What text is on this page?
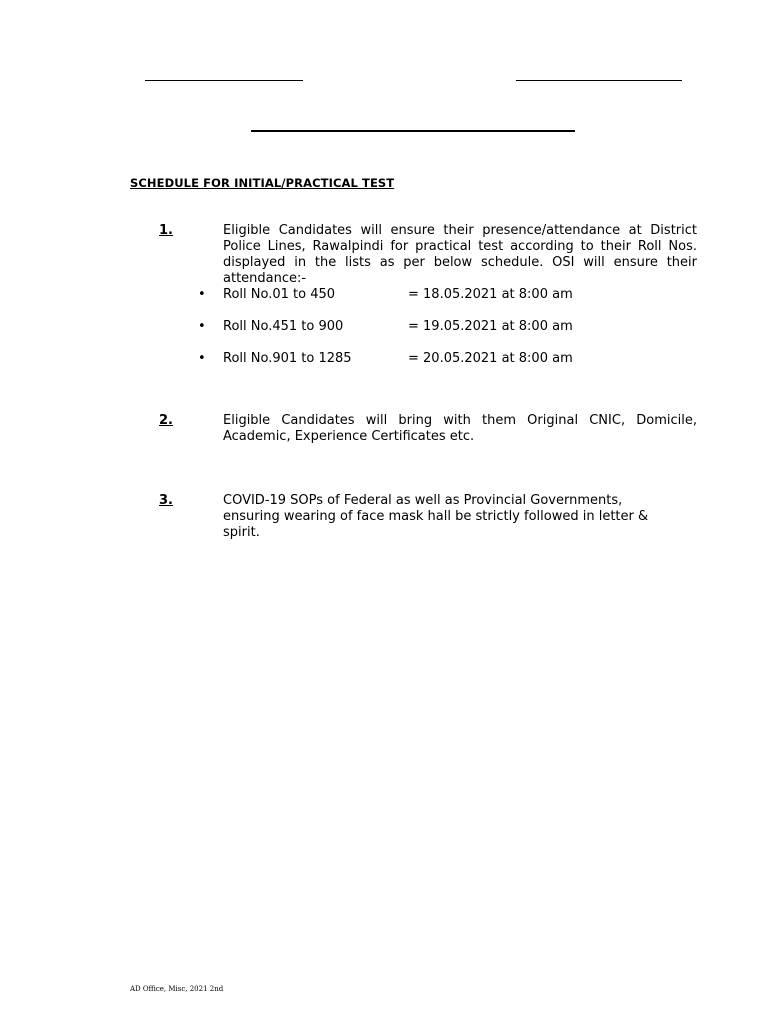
SCHEDULE FOR INITIAL/PRACTICAL TEST
1.	Eligible Candidates will ensure their presence/attendance at District Police Lines, Rawalpindi for practical test according to their Roll Nos. displayed in the lists as per below schedule. OSI will ensure their attendance:-
• Roll No.01 to 450	= 18.05.2021 at 8:00 am
• Roll No.451 to 900	= 19.05.2021 at 8:00 am
• Roll No.901 to 1285	= 20.05.2021 at 8:00 am
2.	Eligible Candidates will bring with them Original CNIC, Domicile, Academic, Experience Certificates etc.
3.	COVID-19 SOPs of Federal as well as Provincial Governments, ensuring wearing of face mask hall be strictly followed in letter & spirit.
AD Office, Misc, 2021 2nd
